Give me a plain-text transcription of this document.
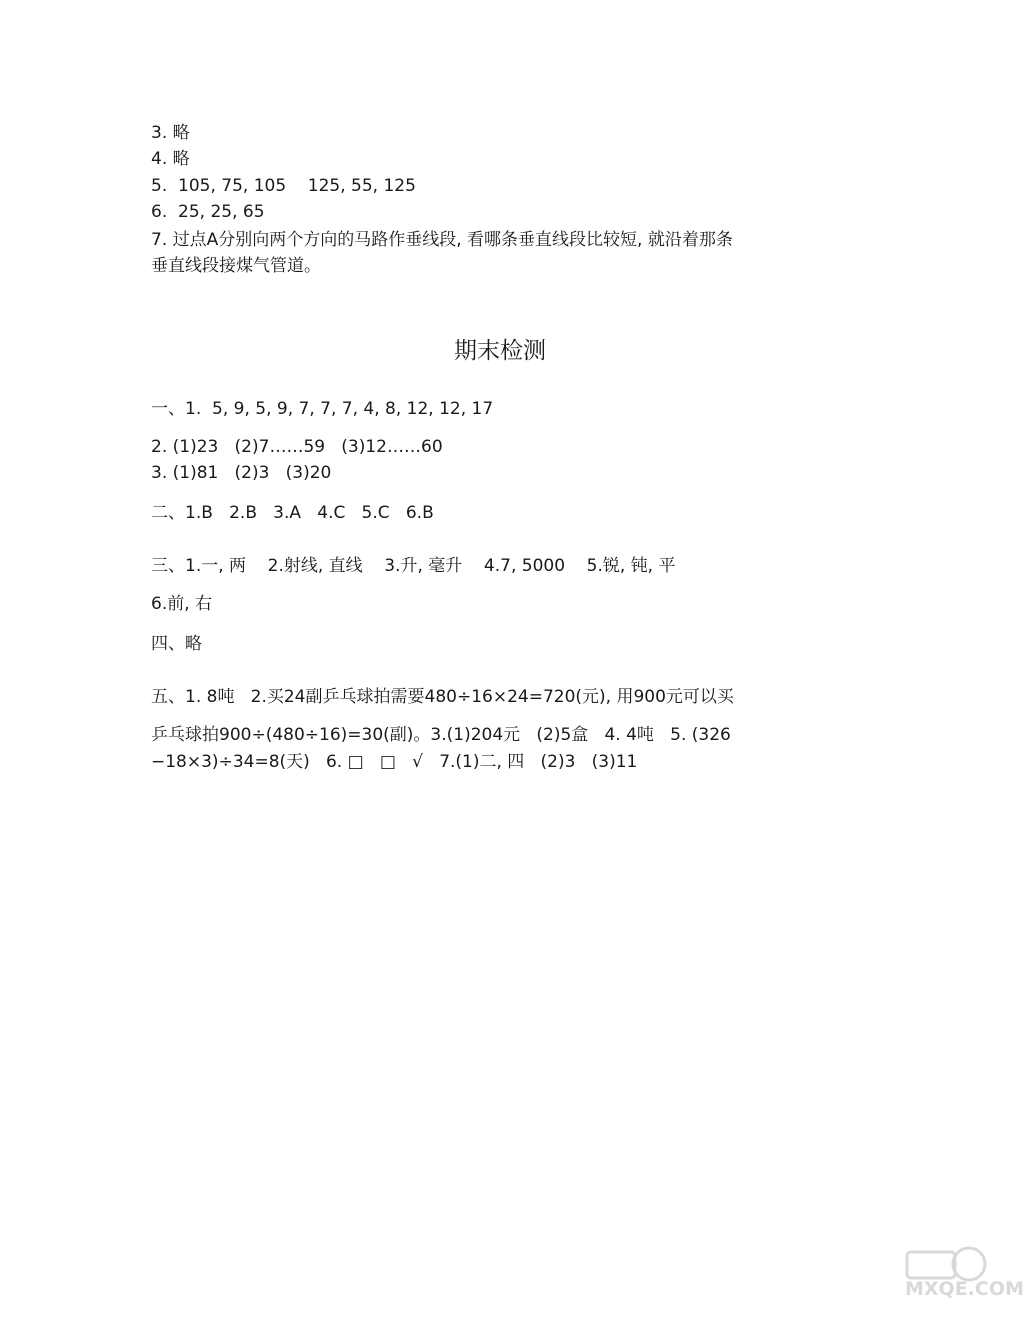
3. 略
4. 略
5.  105, 75, 105    125, 55, 125
6.  25, 25, 65
7. 过点A分别向两个方向的马路作垂线段, 看哪条垂直线段比较短, 就沿着那条
垂直线段接煤气管道。
期末检测
一、1.  5, 9, 5, 9, 7, 7, 7, 4, 8, 12, 12, 17
2. (1)23   (2)7……59   (3)12……60
3. (1)81   (2)3   (3)20
二、1.B   2.B   3.A   4.C   5.C   6.B
三、1.一, 两    2.射线, 直线    3.升, 毫升    4.7, 5000    5.锐, 钝, 平
6.前, 右
四、略
五、1. 8吨   2.买24副乒乓球拍需要480÷16×24=720(元), 用900元可以买
乒乓球拍900÷(480÷16)=30(副)。3.(1)204元   (2)5盒   4. 4吨   5. (326
−18×3)÷34=8(天)   6. □   □   √   7.(1)二, 四   (2)3   (3)11
MXQE.COM
